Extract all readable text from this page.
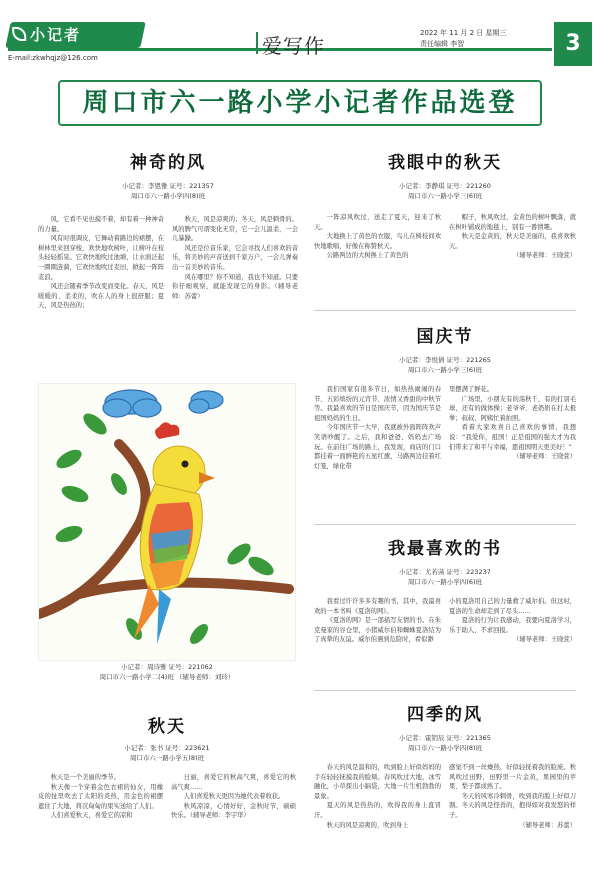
小记者
E-mail:zkwhqjz@126.com	爱写作
2022 年 11 月 2 日 星期三
责任编辑 李智	3
周口市六一路小学小记者作品选登
神奇的风
小记者：李恩雅 证号：221357
周口市六一路小学四(8)班

风，它看不见也摸不着，却有着一种神奇的力量。

风有时很调皮，它舞动着路边的裙摆，在树林里来回穿梭，欢快地吹树叶，让树叶在枝头轻轻摇晃。它欢快地吹过池塘，让水面泛起一圈圈涟漪，它欢快地吹过麦田，掀起一阵阵麦浪。

风还会随着季节改变而变化。春天，风是暖暖的、柔柔的，吹在人的身上很舒服；夏天，风是热热的；

秋天，风是凉爽的；冬天，风是刺骨的。风的脾气可谓变化无常，它一会儿温柔，一会儿暴躁。

风还是位音乐家，它会寻找人们喜欢的音乐，将美妙的声音送到千家万户，一会儿弹奏出一首美妙的音乐。

风在哪里？你不知道，我也不知道。只要你仔细观察，就能发现它的身影。（辅导老师：苏蕾）

小记者：周诗雅 证号：221062
周口市六一路小学二(4)班 （辅导老师：刘玲）
秋天
小记者：张书 证号：223621
周口市六一路小学五(8)班

秋天是一个美丽的季节。

秋天像一个穿着金色衣裙的仙女，用橡皮的扯里吹去了太阳的炎热，用金色的裙摆遮住了大地，将沉甸甸的果实送给了人们。

人们喜爱秋天，喜爱它的凉和

日丽，喜爱它的秋高气爽，喜爱它的秋高气爽……

人们喜爱秋天更因为她代表着收获。

秋风凉凉，心情好好，金秋时节，硕硕快乐。（辅导老师：李宇华）

我眼中的秋天
小记者：李静琪 证号：221260
周口市六一路小学三(6)班

一阵凉风吹过，送走了夏天，迎来了秋天。

大地换上了黄色的衣服，鸟儿在树枝间欢快地歌唱，好像在称赞秋天。

公路两边的大树换上了黄色的

帽子，秋风吹过，金黄色的树叶飘落，就在树叶铺成的地毯上，别有一番情趣。

秋天是金黄的，秋天是美丽的，我喜欢秋天。

（辅导老师：王晓萱）

国庆节
小记者：李悦倩 证号：221265
周口市六一路小学三(6)班

我们国家有很多节日，如热热闹闹的春节、五彩缤纷的元宵节、浓情又香甜的中秋节等。我最喜欢的节日是国庆节，因为国庆节是祖国妈妈的生日。

今年国庆节一大早，我就被外面阵阵欢声笑语吵醒了。之后，我和爸爸、妈妈去广场玩。在前往广场的路上，我发现，商店的门口都挂着一面鲜艳的五星红旗，马路两边挂着红灯笼，绿化带

里摆满了鲜花。

广场里，小朋友有的荡秋千，有的打羽毛球，还有的做体操；老爷爷、老奶奶在打太极拳；叔叔、阿姨忙着拍照。

看着大家欢喜自己喜欢的事情，我想说：“我爱你，祖国！正是祖国的强大才为我们带来了和平与幸福，愿祖国明天更美好！”

（辅导老师：王晓萱）

我最喜欢的书
小记者：尤若菡 证号：223237
周口市六一路小学四(6)班

我看过许许多多有趣的书，其中，我最喜欢的一本书叫《夏洛的网》。

《夏洛的网》是一部描写友情的书。在朱克曼家的谷仓里，小猪威尔伯和蜘蛛夏洛结为了真挚的友谊。威尔伯遇到危险时，看似渺

小的夏洛用自己的力量救了威尔伯。但这时，夏洛的生命却走到了尽头……

夏洛的行为让我感动，我要向夏洛学习，乐于助人，不求回报。

（辅导老师：王晓萱）

四季的风
小记者：霍钥辰 证号：221365
周口市六一路小学四(8)班

春天的风是温和的，吹到脸上好似妈妈的手在轻轻抚摸我的脸颊。春风吹过大地，冰雪融化，小草探出小脑袋，大地一片生机勃勃的景象。

夏天的风是热热的，吹得我的身上直冒汗。

秋天的风是凉爽的，吹到身上

感觉不到一丝燥热，好似轻抚着我的脸庞。秋风吹过田野，田野里一片金黄，果园里的苹果、梨子都成熟了。

冬天的风寒冷刺骨，吹到我的脸上好似刀割。冬天的风是怪兽的，抱得如对我发怒的样子。

（辅导老师：苏蕾）
